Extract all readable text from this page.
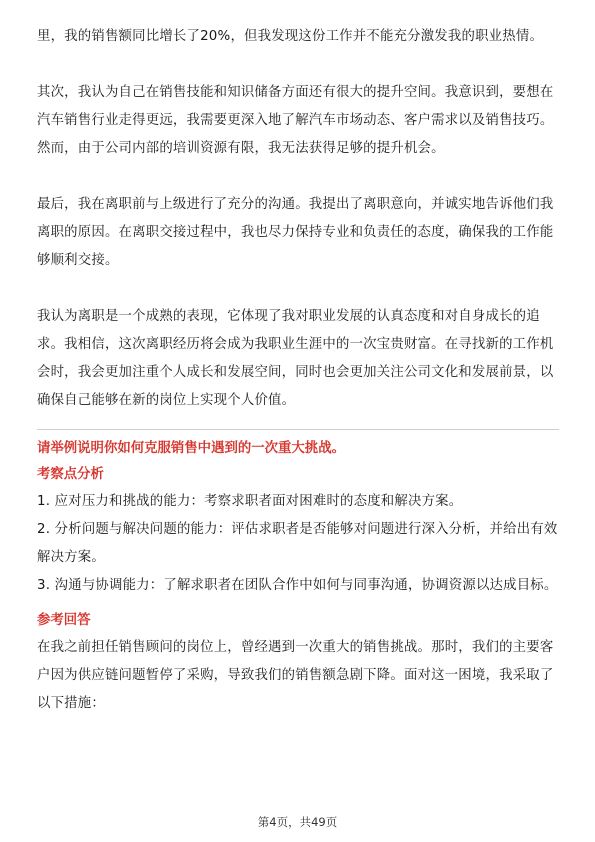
里，我的销售额同比增长了20%，但我发现这份工作并不能充分激发我的职业热情。

其次，我认为自己在销售技能和知识储备方面还有很大的提升空间。我意识到，要想在汽车销售行业走得更远，我需要更深入地了解汽车市场动态、客户需求以及销售技巧。然而，由于公司内部的培训资源有限，我无法获得足够的提升机会。

最后，我在离职前与上级进行了充分的沟通。我提出了离职意向，并诚实地告诉他们我离职的原因。在离职交接过程中，我也尽力保持专业和负责任的态度，确保我的工作能够顺利交接。

我认为离职是一个成熟的表现，它体现了我对职业发展的认真态度和对自身成长的追求。我相信，这次离职经历将会成为我职业生涯中的一次宝贵财富。在寻找新的工作机会时，我会更加注重个人成长和发展空间，同时也会更加关注公司文化和发展前景，以确保自己能够在新的岗位上实现个人价值。

请举例说明你如何克服销售中遇到的一次重大挑战。

考察点分析

1. 应对压力和挑战的能力：考察求职者面对困难时的态度和解决方案。

2. 分析问题与解决问题的能力：评估求职者是否能够对问题进行深入分析，并给出有效解决方案。

3. 沟通与协调能力：了解求职者在团队合作中如何与同事沟通，协调资源以达成目标。

参考回答

在我之前担任销售顾问的岗位上，曾经遇到一次重大的销售挑战。那时，我们的主要客户因为供应链问题暂停了采购，导致我们的销售额急剧下降。面对这一困境，我采取了以下措施：

第4页，共49页
